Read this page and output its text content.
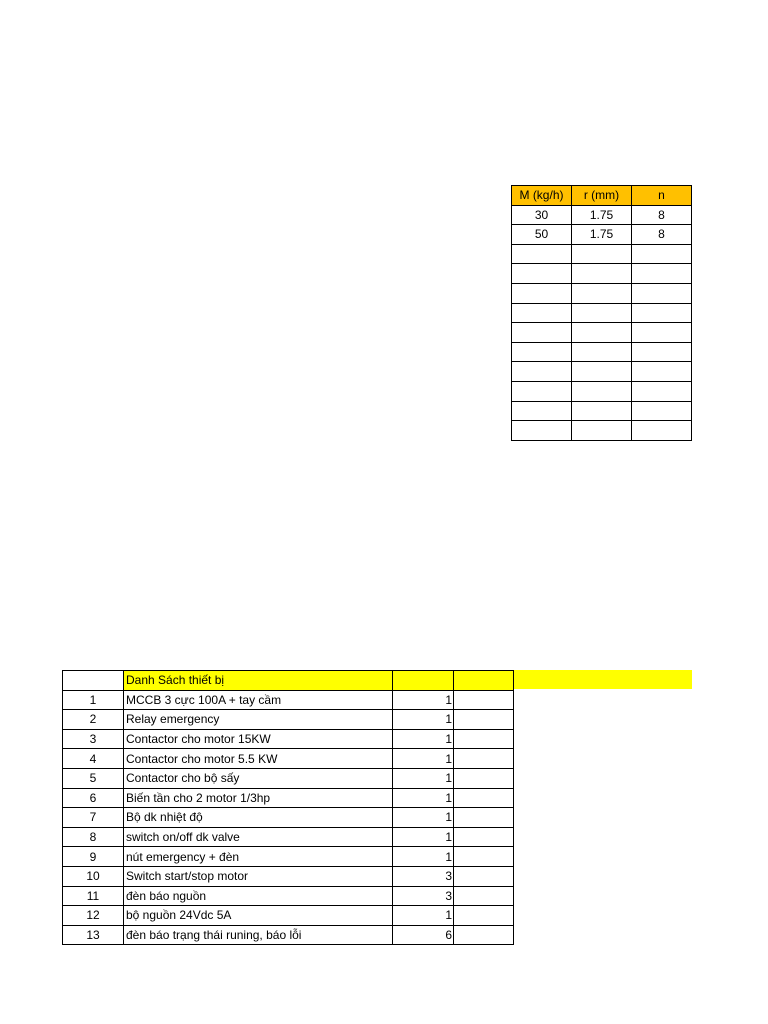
M (kg/h)	r (mm)	n
30	1.75	8
50	1.75	8

	Danh Sách thiết bị		
1	MCCB 3 cực 100A + tay cầm	1	
2	Relay emergency	1	
3	Contactor cho motor 15KW	1	
4	Contactor cho motor 5.5 KW	1	
5	Contactor cho bộ sấy	1	
6	Biến tần cho 2 motor 1/3hp	1	
7	Bộ dk nhiệt độ	1	
8	switch on/off dk valve	1	
9	nút emergency + đèn	1	
10	Switch start/stop motor	3	
11	đèn báo nguồn	3	
12	bộ nguồn 24Vdc 5A	1	
13	đèn báo trạng thái runing, báo lỗi	6	
